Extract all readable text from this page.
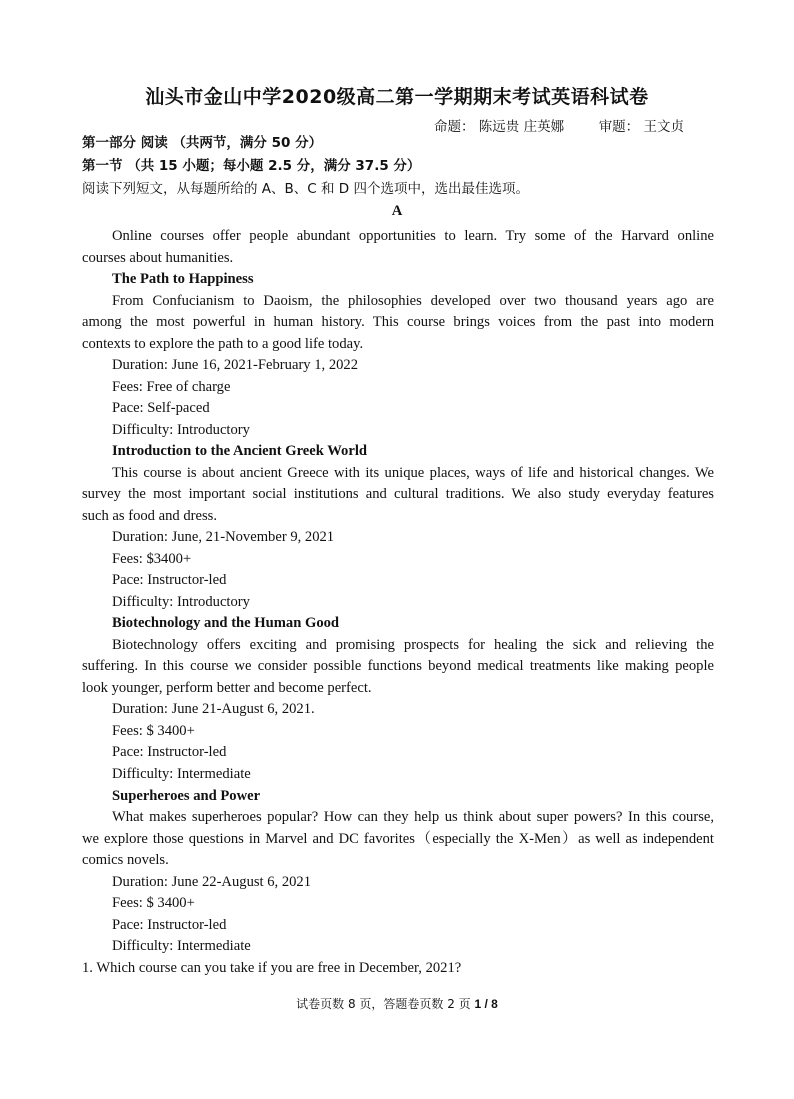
汕头市金山中学2020级高二第一学期期末考试英语科试卷
命题： 陈远贵 庄英娜	审题： 王文贞
第一部分 阅读 （共两节，满分 50 分）
第一节 （共 15 小题；每小题 2.5 分，满分 37.5 分）
阅读下列短文，从每题所给的 A、B、C 和 D 四个选项中，选出最佳选项。
A
Online courses offer people abundant opportunities to learn. Try some of the Harvard online
courses about humanities.
The Path to Happiness
From Confucianism to Daoism, the philosophies developed over two thousand years ago are
among the most powerful in human history. This course brings voices from the past into modern
contexts to explore the path to a good life today.
Duration: June 16, 2021-February 1, 2022
Fees: Free of charge
Pace: Self-paced
Difficulty: Introductory
Introduction to the Ancient Greek World
This course is about ancient Greece with its unique places, ways of life and historical changes. We
survey the most important social institutions and cultural traditions. We also study everyday features
such as food and dress.
Duration: June, 21-November 9, 2021
Fees: $3400+
Pace: Instructor-led
Difficulty: Introductory
Biotechnology and the Human Good
Biotechnology offers exciting and promising prospects for healing the sick and relieving the
suffering. In this course we consider possible functions beyond medical treatments like making people
look younger, perform better and become perfect.
Duration: June 21-August 6, 2021.
Fees: $ 3400+
Pace: Instructor-led
Difficulty: Intermediate
Superheroes and Power
What makes superheroes popular? How can they help us think about super powers? In this course,
we explore those questions in Marvel and DC favorites（especially the X-Men）as well as independent
comics novels.
Duration: June 22-August 6, 2021
Fees: $ 3400+
Pace: Instructor-led
Difficulty: Intermediate
1. Which course can you take if you are free in December, 2021?
试卷页数 8 页，答题卷页数 2 页 1 / 8
